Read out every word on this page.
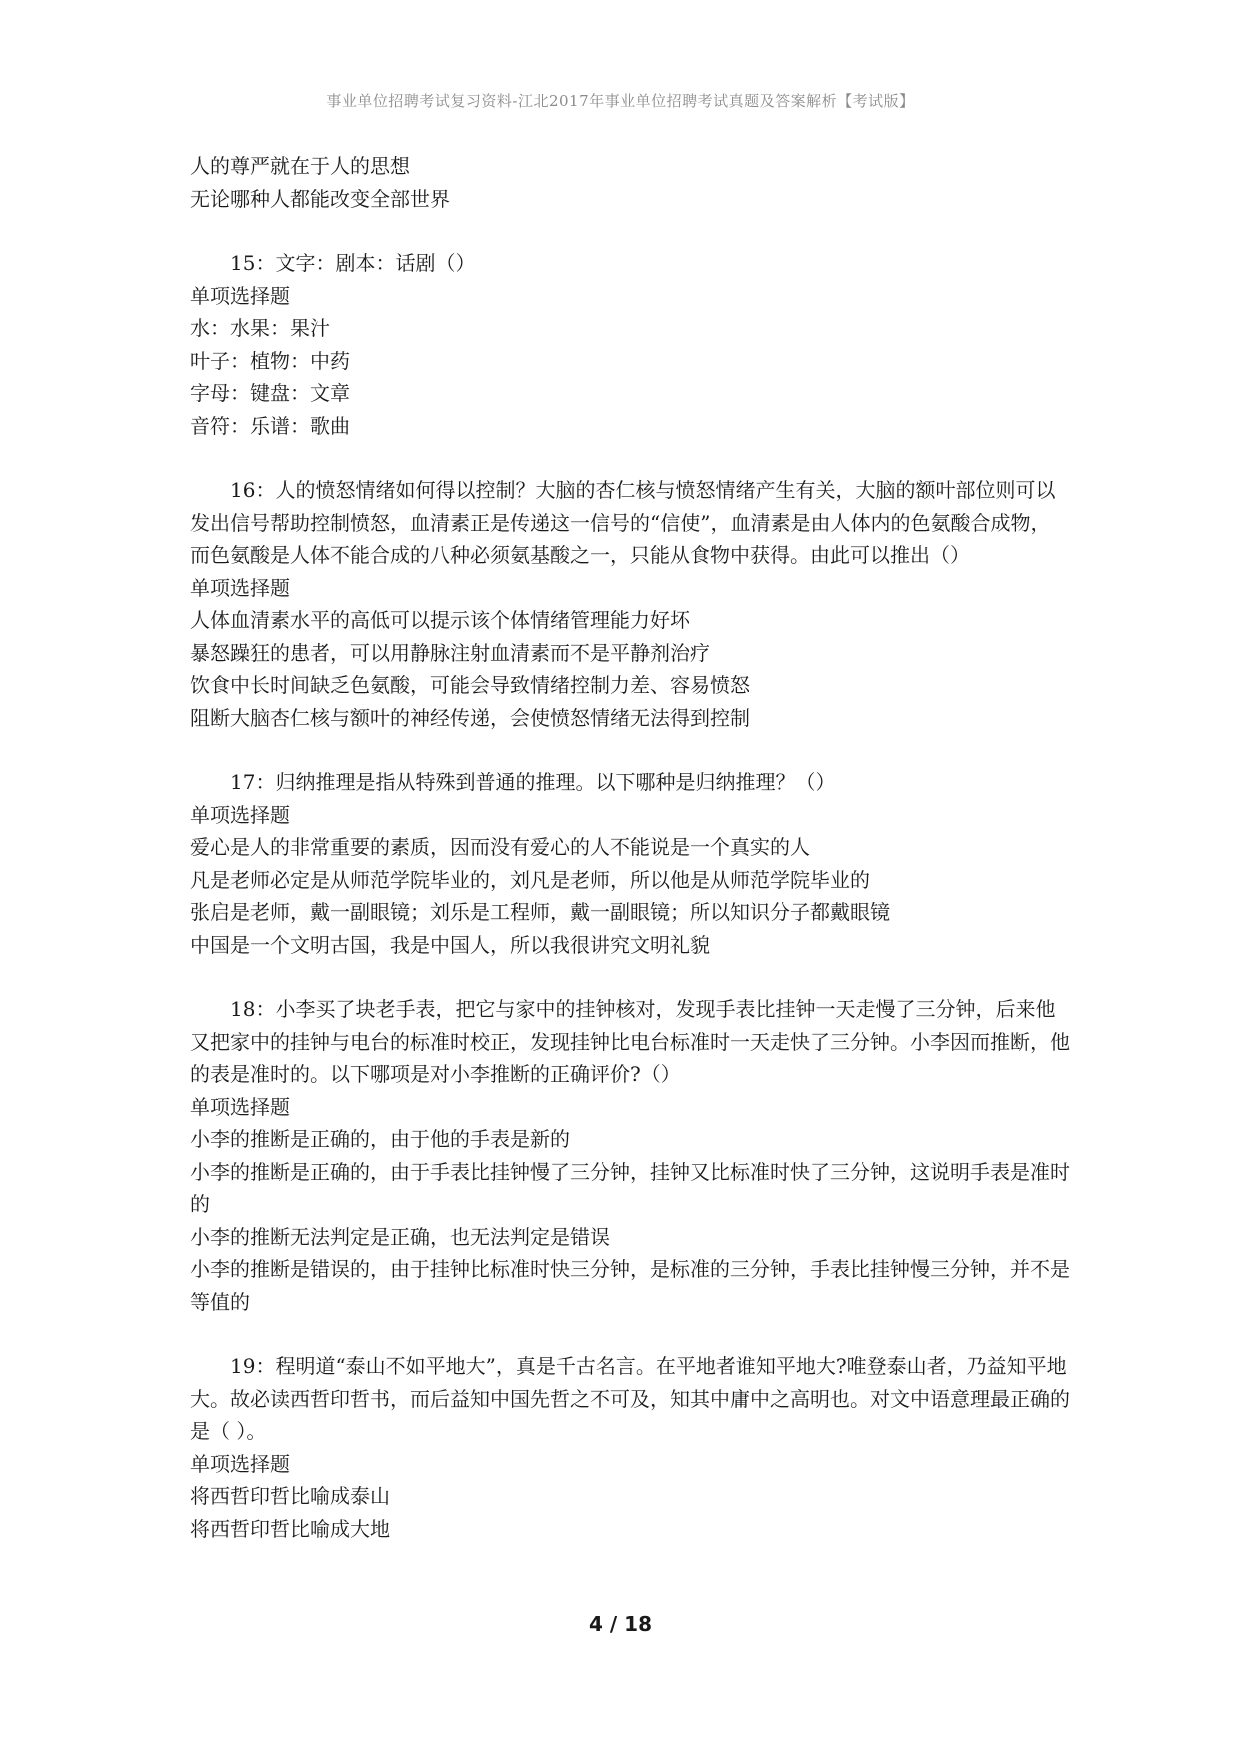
事业单位招聘考试复习资料-江北2017年事业单位招聘考试真题及答案解析【考试版】

人的尊严就在于人的思想

无论哪种人都能改变全部世界

15：文字：剧本：话剧（）

单项选择题

水：水果：果汁

叶子：植物：中药

字母：键盘：文章

音符：乐谱：歌曲

16：人的愤怒情绪如何得以控制？大脑的杏仁核与愤怒情绪产生有关，大脑的额叶部位则可以发出信号帮助控制愤怒，血清素正是传递这一信号的“信使”，血清素是由人体内的色氨酸合成物，而色氨酸是人体不能合成的八种必须氨基酸之一，只能从食物中获得。由此可以推出（）

单项选择题

人体血清素水平的高低可以提示该个体情绪管理能力好坏

暴怒躁狂的患者，可以用静脉注射血清素而不是平静剂治疗

饮食中长时间缺乏色氨酸，可能会导致情绪控制力差、容易愤怒

阻断大脑杏仁核与额叶的神经传递，会使愤怒情绪无法得到控制

17：归纳推理是指从特殊到普通的推理。以下哪种是归纳推理？（）

单项选择题

爱心是人的非常重要的素质，因而没有爱心的人不能说是一个真实的人

凡是老师必定是从师范学院毕业的，刘凡是老师，所以他是从师范学院毕业的

张启是老师，戴一副眼镜；刘乐是工程师，戴一副眼镜；所以知识分子都戴眼镜

中国是一个文明古国，我是中国人，所以我很讲究文明礼貌

18：小李买了块老手表，把它与家中的挂钟核对，发现手表比挂钟一天走慢了三分钟，后来他又把家中的挂钟与电台的标准时校正，发现挂钟比电台标准时一天走快了三分钟。小李因而推断，他的表是准时的。以下哪项是对小李推断的正确评价?（）

单项选择题

小李的推断是正确的，由于他的手表是新的

小李的推断是正确的，由于手表比挂钟慢了三分钟，挂钟又比标准时快了三分钟，这说明手表是准时的

小李的推断无法判定是正确，也无法判定是错误

小李的推断是错误的，由于挂钟比标准时快三分钟，是标准的三分钟，手表比挂钟慢三分钟，并不是等值的

19：程明道“泰山不如平地大”，真是千古名言。在平地者谁知平地大?唯登泰山者，乃益知平地大。故必读西哲印哲书，而后益知中国先哲之不可及，知其中庸中之高明也。对文中语意理最正确的是（ ）。

单项选择题

将西哲印哲比喻成泰山

将西哲印哲比喻成大地

4 / 18
